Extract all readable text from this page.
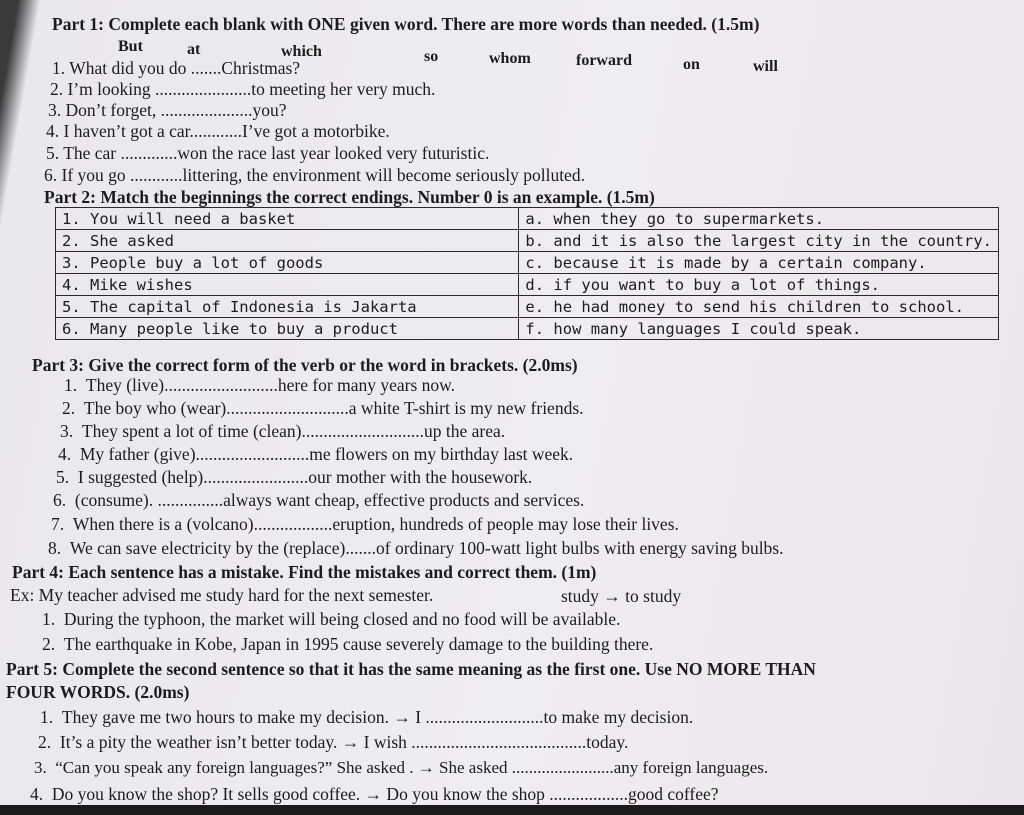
Part 1: Complete each blank with ONE given word. There are more words than needed. (1.5m)
But	at	which	so	whom	forward	on	will
1. What did you do .......Christmas?
2. I’m looking ......................to meeting her very much.
3. Don’t forget, .....................you?
4. I haven’t got a car............I’ve got a motorbike.
5. The car .............won the race last year looked very futuristic.
6. If you go ............littering, the environment will become seriously polluted.
Part 2: Match the beginnings the correct endings. Number 0 is an example. (1.5m)
1. You will need a basket	a. when they go to supermarkets.
2. She asked	b. and it is also the largest city in the country.
3. People buy a lot of goods	c. because it is made by a certain company.
4. Mike wishes	d. if you want to buy a lot of things.
5. The capital of Indonesia is Jakarta	e. he had money to send his children to school.
6. Many people like to buy a product	f. how many languages I could speak.
Part 3: Give the correct form of the verb or the word in brackets. (2.0ms)
1. They (live)..........................here for many years now.
2. The boy who (wear)............................a white T-shirt is my new friends.
3. They spent a lot of time (clean)............................up the area.
4. My father (give)..........................me flowers on my birthday last week.
5. I suggested (help)........................our mother with the housework.
6. (consume). ...............always want cheap, effective products and services.
7. When there is a (volcano)..................eruption, hundreds of people may lose their lives.
8. We can save electricity by the (replace).......of ordinary 100-watt light bulbs with energy saving bulbs.
Part 4: Each sentence has a mistake. Find the mistakes and correct them. (1m)
Ex: My teacher advised me study hard for the next semester.	study → to study
1. During the typhoon, the market will being closed and no food will be available.
2. The earthquake in Kobe, Japan in 1995 cause severely damage to the building there.
Part 5: Complete the second sentence so that it has the same meaning as the first one. Use NO MORE THAN
FOUR WORDS. (2.0ms)
1. They gave me two hours to make my decision. → I ...........................to make my decision.
2. It’s a pity the weather isn’t better today. → I wish ........................................today.
3. “Can you speak any foreign languages?” She asked . → She asked ........................any foreign languages.
4. Do you know the shop? It sells good coffee. → Do you know the shop ..................good coffee?
